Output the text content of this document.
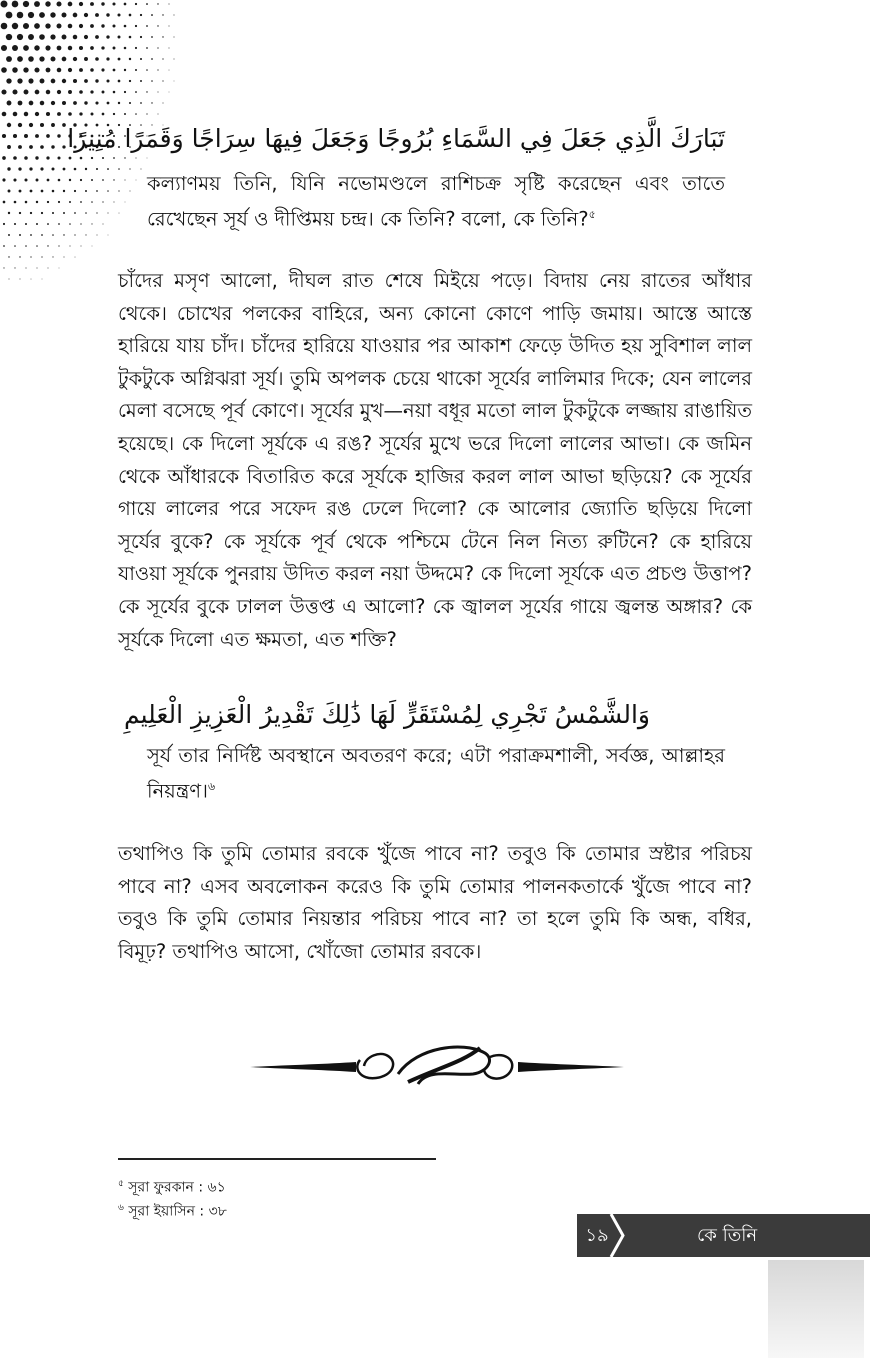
تَبَارَكَ الَّذِي جَعَلَ فِي السَّمَاءِ بُرُوجًا وَجَعَلَ فِيهَا سِرَاجًا وَقَمَرًا مُنِيرًا
কল্যাণময় তিনি, যিনি নভোমণ্ডলে রাশিচক্র সৃষ্টি করেছেন এবং তাতে রেখেছেন সূর্য ও দীপ্তিময় চন্দ্র। কে তিনি? বলো, কে তিনি?$^৫$
চাঁদের মসৃণ আলো, দীঘল রাত শেষে মিইয়ে পড়ে। বিদায় নেয় রাতের আঁধার থেকে। চোখের পলকের বাহিরে, অন্য কোনো কোণে পাড়ি জমায়। আস্তে আস্তে হারিয়ে যায় চাঁদ। চাঁদের হারিয়ে যাওয়ার পর আকাশ ফেড়ে উদিত হয় সুবিশাল লাল টুকটুকে অগ্নিঝরা সূর্য। তুমি অপলক চেয়ে থাকো সূর্যের লালিমার দিকে; যেন লালের মেলা বসেছে পূর্ব কোণে। সূর্যের মুখ—নয়া বধূর মতো লাল টুকটুকে লজ্জায় রাঙায়িত হয়েছে। কে দিলো সূর্যকে এ রঙ? সূর্যের মুখে ভরে দিলো লালের আভা। কে জমিন থেকে আঁধারকে বিতারিত করে সূর্যকে হাজির করল লাল আভা ছড়িয়ে? কে সূর্যের গায়ে লালের পরে সফেদ রঙ ঢেলে দিলো? কে আলোর জ্যোতি ছড়িয়ে দিলো সূর্যের বুকে? কে সূর্যকে পূর্ব থেকে পশ্চিমে টেনে নিল নিত্য রুটিনে? কে হারিয়ে যাওয়া সূর্যকে পুনরায় উদিত করল নয়া উদ্দমে? কে দিলো সূর্যকে এত প্রচণ্ড উত্তাপ? কে সূর্যের বুকে ঢালল উত্তপ্ত এ আলো? কে জ্বালল সূর্যের গায়ে জ্বলন্ত অঙ্গার? কে সূর্যকে দিলো এত ক্ষমতা, এত শক্তি?
وَالشَّمْسُ تَجْرِي لِمُسْتَقَرٍّ لَهَا ذَٰلِكَ تَقْدِيرُ الْعَزِيزِ الْعَلِيمِ
সূর্য তার নির্দিষ্ট অবস্থানে অবতরণ করে; এটা পরাক্রমশালী, সর্বজ্ঞ, আল্লাহর নিয়ন্ত্রণ।$^৬$
তথাপিও কি তুমি তোমার রবকে খুঁজে পাবে না? তবুও কি তোমার স্রষ্টার পরিচয় পাবে না? এসব অবলোকন করেও কি তুমি তোমার পালনকতার্কে খুঁজে পাবে না? তবুও কি তুমি তোমার নিয়ন্তার পরিচয় পাবে না? তা হলে তুমি কি অন্ধ, বধির, বিমূঢ়? তথাপিও আসো, খোঁজো তোমার রবকে।
$^৫$ সূরা ফুরকান : ৬১
$^৬$ সূরা ইয়াসিন : ৩৮
১৯	কে তিনি
